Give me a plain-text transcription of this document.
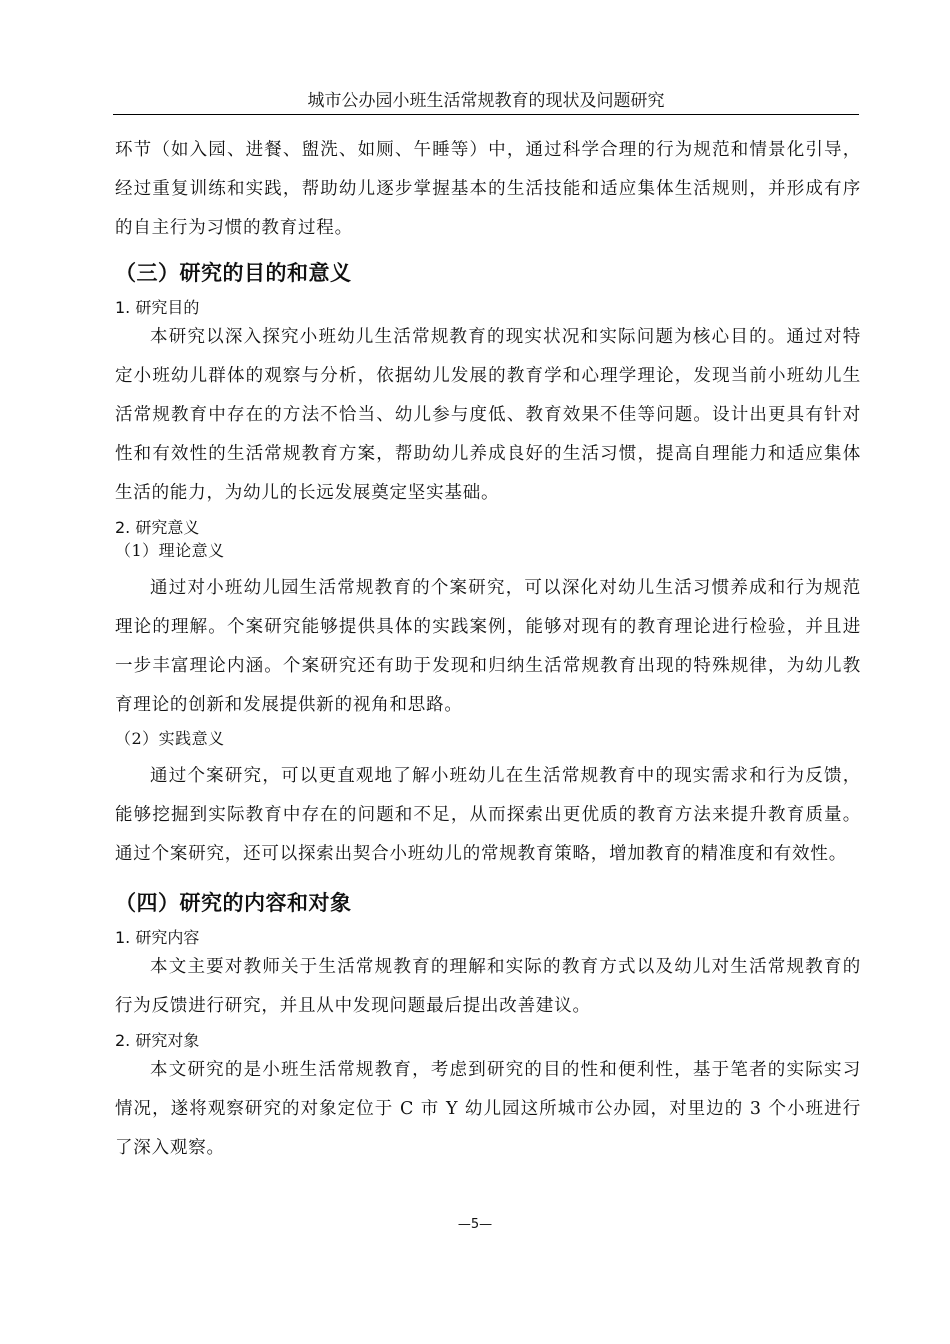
城市公办园小班生活常规教育的现状及问题研究

环节（如入园、进餐、盥洗、如厕、午睡等）中，通过科学合理的行为规范和情景化引导，经过重复训练和实践，帮助幼儿逐步掌握基本的生活技能和适应集体生活规则，并形成有序的自主行为习惯的教育过程。

（三）研究的目的和意义
1. 研究目的

本研究以深入探究小班幼儿生活常规教育的现实状况和实际问题为核心目的。通过对特定小班幼儿群体的观察与分析，依据幼儿发展的教育学和心理学理论，发现当前小班幼儿生活常规教育中存在的方法不恰当、幼儿参与度低、教育效果不佳等问题。设计出更具有针对性和有效性的生活常规教育方案，帮助幼儿养成良好的生活习惯，提高自理能力和适应集体生活的能力，为幼儿的长远发展奠定坚实基础。

2. 研究意义
（1）理论意义

通过对小班幼儿园生活常规教育的个案研究，可以深化对幼儿生活习惯养成和行为规范理论的理解。个案研究能够提供具体的实践案例，能够对现有的教育理论进行检验，并且进一步丰富理论内涵。个案研究还有助于发现和归纳生活常规教育出现的特殊规律，为幼儿教育理论的创新和发展提供新的视角和思路。

（2）实践意义

通过个案研究，可以更直观地了解小班幼儿在生活常规教育中的现实需求和行为反馈，能够挖掘到实际教育中存在的问题和不足，从而探索出更优质的教育方法来提升教育质量。通过个案研究，还可以探索出契合小班幼儿的常规教育策略，增加教育的精准度和有效性。

（四）研究的内容和对象
1. 研究内容

本文主要对教师关于生活常规教育的理解和实际的教育方式以及幼儿对生活常规教育的行为反馈进行研究，并且从中发现问题最后提出改善建议。

2. 研究对象

本文研究的是小班生活常规教育，考虑到研究的目的性和便利性，基于笔者的实际实习情况，遂将观察研究的对象定位于 C 市 Y 幼儿园这所城市公办园，对里边的 3 个小班进行了深入观察。

—5—
